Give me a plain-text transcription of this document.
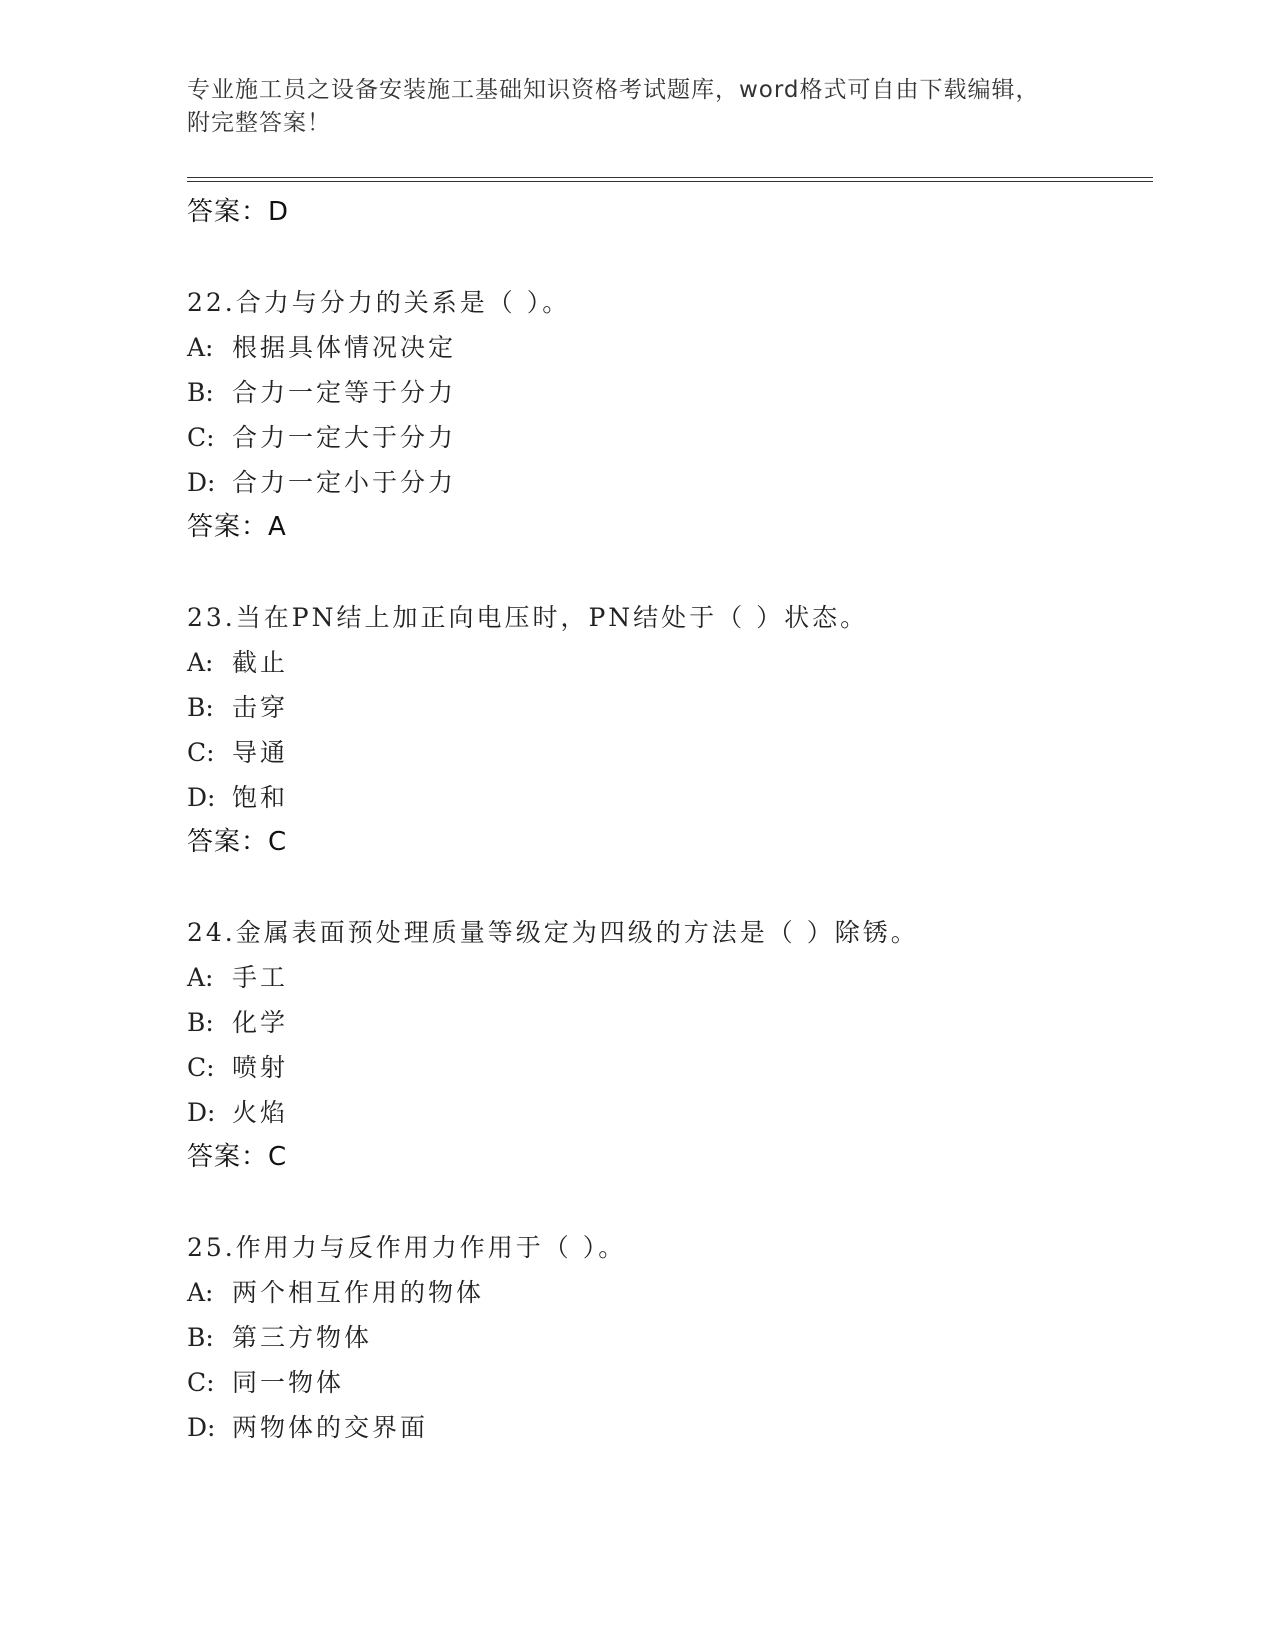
专业施工员之设备安装施工基础知识资格考试题库，word格式可自由下载编辑，
附完整答案！
答案：D
22.合力与分力的关系是（ ）。
A: 根据具体情况决定
B: 合力一定等于分力
C: 合力一定大于分力
D: 合力一定小于分力
答案：A
23.当在PN结上加正向电压时，PN结处于（ ）状态。
A: 截止
B: 击穿
C: 导通
D: 饱和
答案：C
24.金属表面预处理质量等级定为四级的方法是（ ）除锈。
A: 手工
B: 化学
C: 喷射
D: 火焰
答案：C
25.作用力与反作用力作用于（ ）。
A: 两个相互作用的物体
B: 第三方物体
C: 同一物体
D: 两物体的交界面
